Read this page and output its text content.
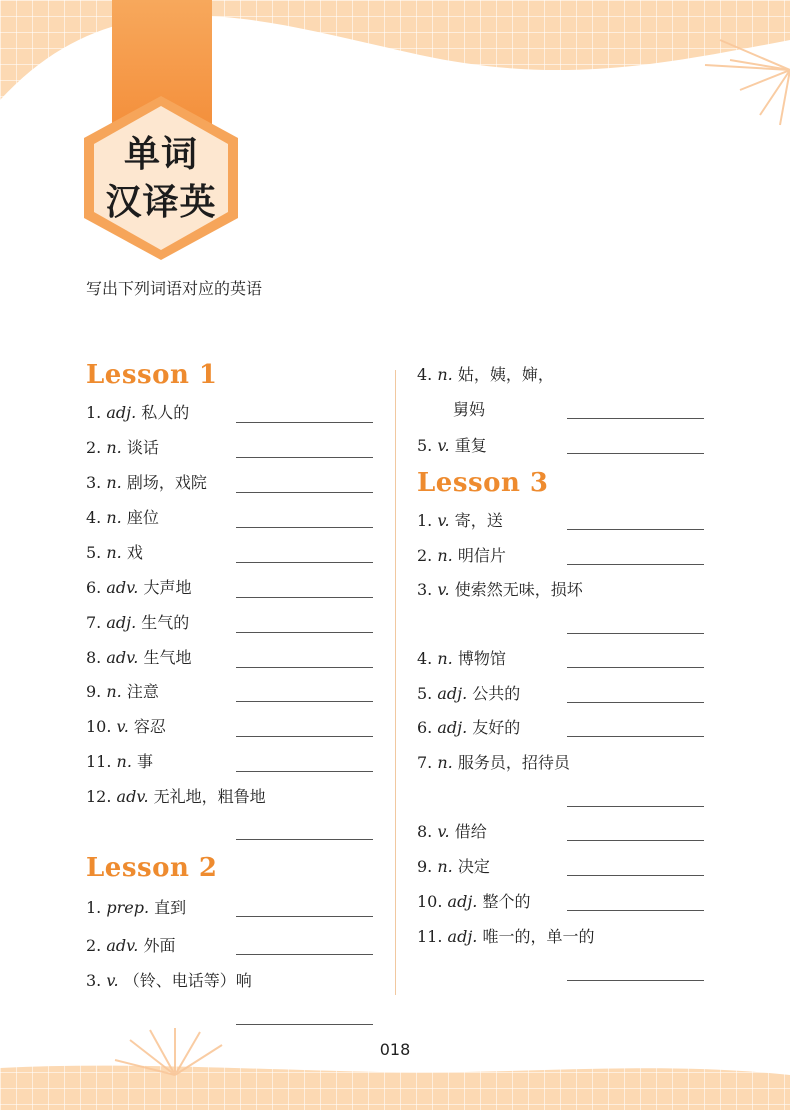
单词
汉译英
写出下列词语对应的英语
Lesson 1
1. adj. 私人的
2. n. 谈话
3. n. 剧场，戏院
4. n. 座位
5. n. 戏
6. adv. 大声地
7. adj. 生气的
8. adv. 生气地
9. n. 注意
10. v. 容忍
11. n. 事
12. adv. 无礼地，粗鲁地
Lesson 2
1. prep. 直到
2. adv. 外面
3. v. （铃、电话等）响
4. n. 姑，姨，婶，
舅妈
5. v. 重复
Lesson 3
1. v. 寄，送
2. n. 明信片
3. v. 使索然无味，损坏
4. n. 博物馆
5. adj. 公共的
6. adj. 友好的
7. n. 服务员，招待员
8. v. 借给
9. n. 决定
10. adj. 整个的
11. adj. 唯一的，单一的
018
